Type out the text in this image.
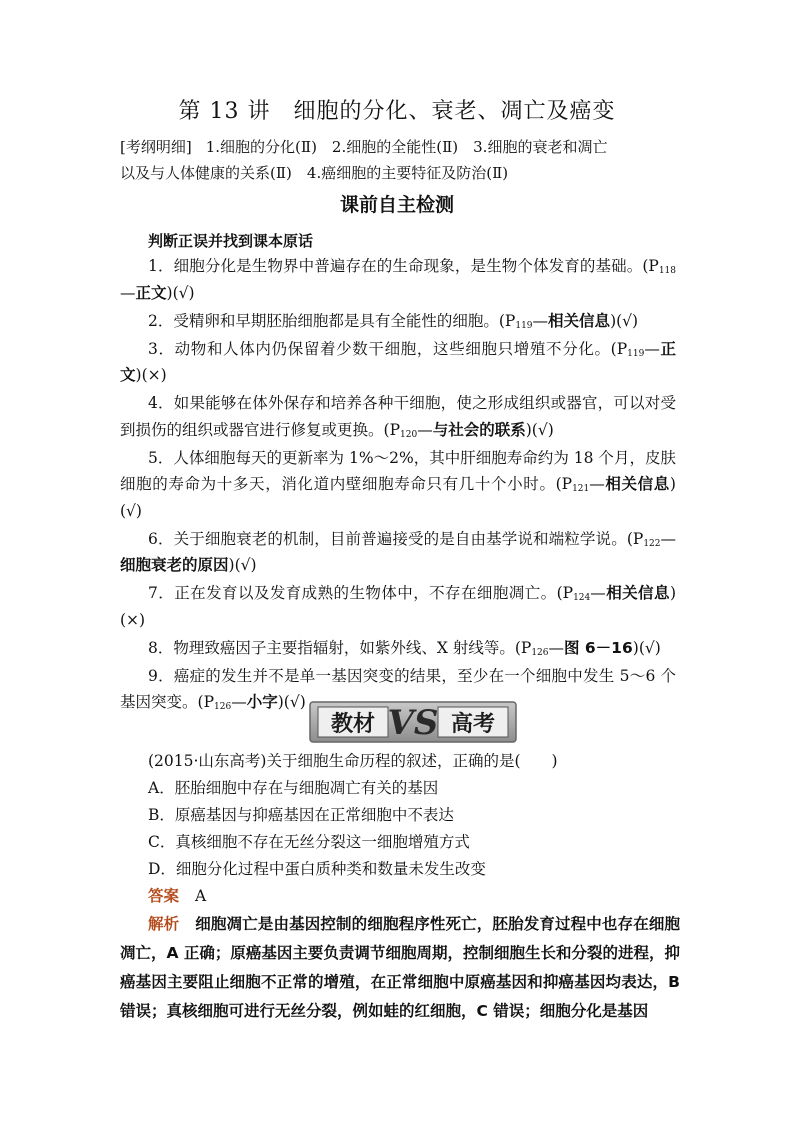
第 13 讲　细胞的分化、衰老、凋亡及癌变
[考纲明细] 1.细胞的分化(Ⅱ)　2.细胞的全能性(Ⅱ)　3.细胞的衰老和凋亡
以及与人体健康的关系(Ⅱ)　4.癌细胞的主要特征及防治(Ⅱ)
课前自主检测
判断正误并找到课本原话

1．细胞分化是生物界中普遍存在的生命现象，是生物个体发育的基础。($P_{118}—$正文)(√)

2．受精卵和早期胚胎细胞都是具有全能性的细胞。($P_{119}—$相关信息)(√)

3．动物和人体内仍保留着少数干细胞，这些细胞只增殖不分化。($P_{119}—$正文)(×)

4．如果能够在体外保存和培养各种干细胞，使之形成组织或器官，可以对受到损伤的组织或器官进行修复或更换。($P_{120}—$与社会的联系)(√)

5．人体细胞每天的更新率为 1%～2%，其中肝细胞寿命约为 18 个月，皮肤细胞的寿命为十多天，消化道内壁细胞寿命只有几十个小时。($P_{121}—$相关信息)(√)

6．关于细胞衰老的机制，目前普遍接受的是自由基学说和端粒学说。($P_{122}—$细胞衰老的原因)(√)

7．正在发育以及发育成熟的生物体中，不存在细胞凋亡。($P_{124}—$相关信息)(×)

8．物理致癌因子主要指辐射，如紫外线、X 射线等。($P_{126}—$图 6－16)(√)

9．癌症的发生并不是单一基因突变的结果，至少在一个细胞中发生 5～6 个基因突变。($P_{126}—$小字)(√)

教材 VS 高考

(2015·山东高考)关于细胞生命历程的叙述，正确的是(　　)

A．胚胎细胞中存在与细胞凋亡有关的基因

B．原癌基因与抑癌基因在正常细胞中不表达

C．真核细胞不存在无丝分裂这一细胞增殖方式

D．细胞分化过程中蛋白质种类和数量未发生改变

答案 A

解析 细胞凋亡是由基因控制的细胞程序性死亡，胚胎发育过程中也存在细胞凋亡，A 正确；原癌基因主要负责调节细胞周期，控制细胞生长和分裂的进程，抑癌基因主要阻止细胞不正常的增殖，在正常细胞中原癌基因和抑癌基因均表达，B 错误；真核细胞可进行无丝分裂，例如蛙的红细胞，C 错误；细胞分化是基因
